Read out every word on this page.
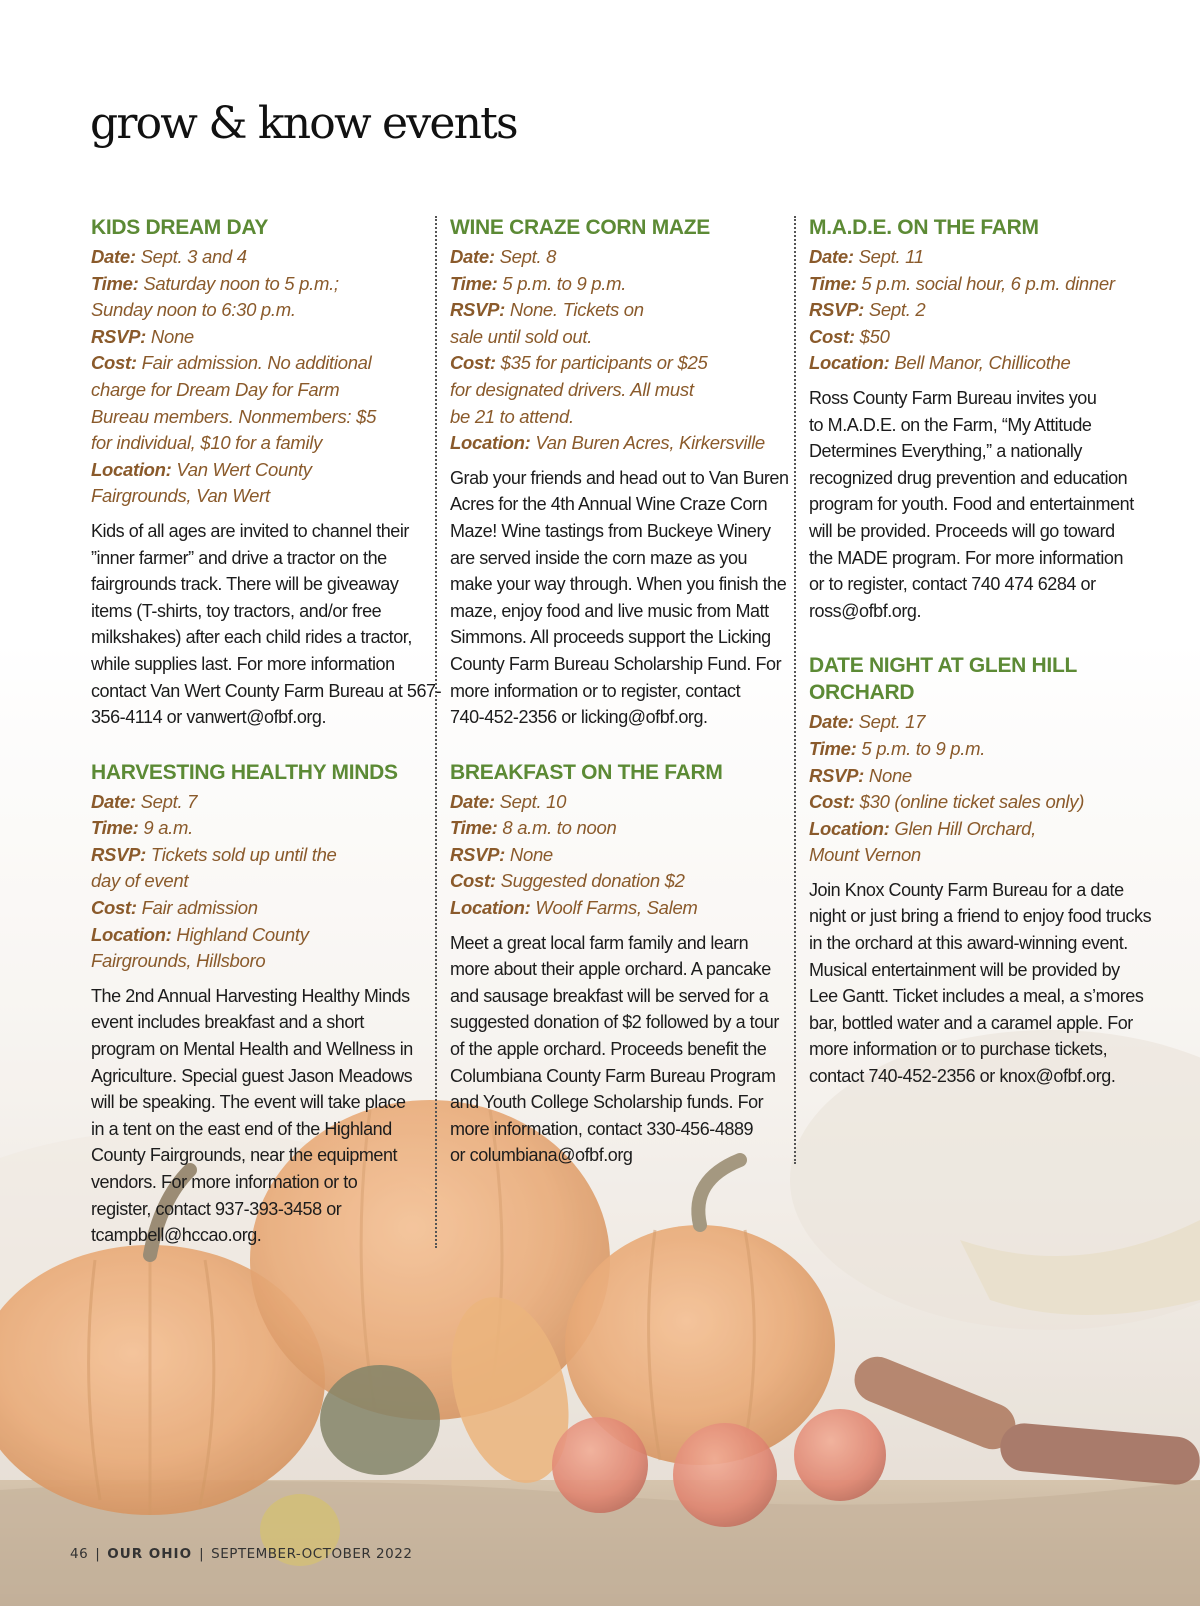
grow & know events
KIDS DREAM DAY
Date: Sept. 3 and 4
Time: Saturday noon to 5 p.m.;
Sunday noon to 6:30 p.m.
RSVP: None
Cost: Fair admission. No additional
charge for Dream Day for Farm
Bureau members. Nonmembers: $5
for individual, $10 for a family
Location: Van Wert County
Fairgrounds, Van Wert

Kids of all ages are invited to channel their
”inner farmer” and drive a tractor on the
fairgrounds track. There will be giveaway
items (T-shirts, toy tractors, and/or free
milkshakes) after each child rides a tractor,
while supplies last. For more information
contact Van Wert County Farm Bureau at 567-
356-4114 or vanwert@ofbf.org.

HARVESTING HEALTHY MINDS
Date: Sept. 7
Time: 9 a.m.
RSVP: Tickets sold up until the
day of event
Cost: Fair admission
Location: Highland County
Fairgrounds, Hillsboro

The 2nd Annual Harvesting Healthy Minds
event includes breakfast and a short
program on Mental Health and Wellness in
Agriculture. Special guest Jason Meadows
will be speaking. The event will take place
in a tent on the east end of the Highland
County Fairgrounds, near the equipment
vendors. For more information or to
register, contact 937-393-3458 or
tcampbell@hccao.org.

WINE CRAZE CORN MAZE
Date: Sept. 8
Time: 5 p.m. to 9 p.m.
RSVP: None. Tickets on
sale until sold out.
Cost: $35 for participants or $25
for designated drivers. All must
be 21 to attend.
Location: Van Buren Acres, Kirkersville

Grab your friends and head out to Van Buren
Acres for the 4th Annual Wine Craze Corn
Maze! Wine tastings from Buckeye Winery
are served inside the corn maze as you
make your way through. When you finish the
maze, enjoy food and live music from Matt
Simmons. All proceeds support the Licking
County Farm Bureau Scholarship Fund. For
more information or to register, contact
740-452-2356 or licking@ofbf.org.

BREAKFAST ON THE FARM
Date: Sept. 10
Time: 8 a.m. to noon
RSVP: None
Cost: Suggested donation $2
Location: Woolf Farms, Salem

Meet a great local farm family and learn
more about their apple orchard. A pancake
and sausage breakfast will be served for a
suggested donation of $2 followed by a tour
of the apple orchard. Proceeds benefit the
Columbiana County Farm Bureau Program
and Youth College Scholarship funds. For
more information, contact 330-456-4889
or columbiana@ofbf.org

M.A.D.E. ON THE FARM
Date: Sept. 11
Time: 5 p.m. social hour, 6 p.m. dinner
RSVP: Sept. 2
Cost: $50
Location: Bell Manor, Chillicothe

Ross County Farm Bureau invites you
to M.A.D.E. on the Farm, “My Attitude
Determines Everything,” a nationally
recognized drug prevention and education
program for youth. Food and entertainment
will be provided. Proceeds will go toward
the MADE program. For more information
or to register, contact 740 474 6284 or
ross@ofbf.org.

DATE NIGHT AT GLEN HILL
ORCHARD
Date: Sept. 17
Time: 5 p.m. to 9 p.m.
RSVP: None
Cost: $30 (online ticket sales only)
Location: Glen Hill Orchard,
Mount Vernon

Join Knox County Farm Bureau for a date
night or just bring a friend to enjoy food trucks
in the orchard at this award-winning event.
Musical entertainment will be provided by
Lee Gantt. Ticket includes a meal, a s’mores
bar, bottled water and a caramel apple. For
more information or to purchase tickets,
contact 740-452-2356 or knox@ofbf.org.

46 | OUR OHIO | SEPTEMBER-OCTOBER 2022
